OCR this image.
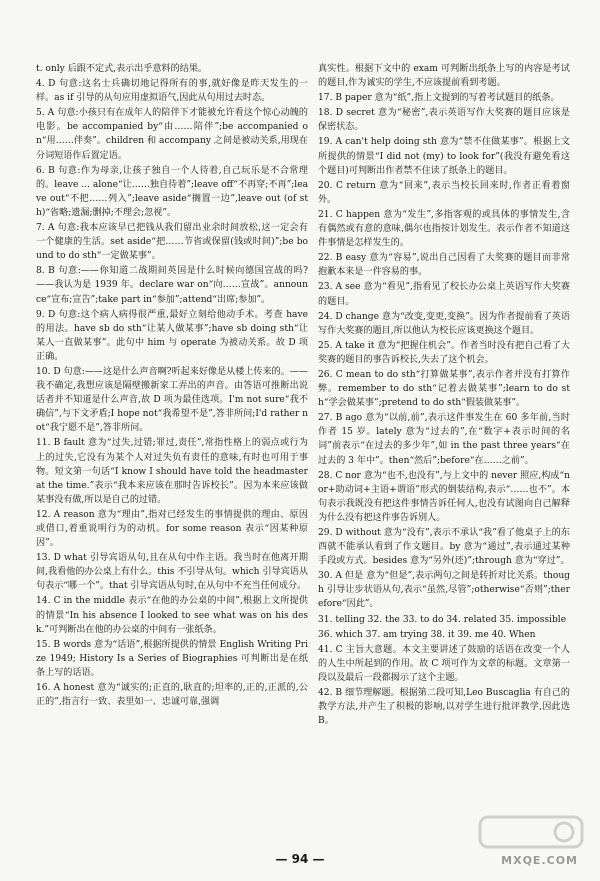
t. only 后跟不定式,表示出乎意料的结果。

4. D 句意:这名士兵确切地记得所有的事,就好像是昨天发生的一样。as if 引导的从句应用虚拟语气,因此从句用过去时态。

5. A 句意:小孩只有在成年人的陪伴下才能被允许看这个惊心动魄的电影。be accompanied by“由……陪伴”;be accompanied on“用……伴奏”。children 和 accompany 之间是被动关系,用现在分词短语作后置定语。

6. B 句意:作为母亲,让孩子独自一个人待着,自己玩乐是不合常理的。leave ... alone“让……独自待着”;leave off“不再穿;不再”;leave out“不把……列入”;leave aside“搁置一边”,leave out (of sth)“省略;遗漏;删掉;不理会;忽视”。

7. A 句意:我本应该早已把钱从我们留出业余时间放松,这一定会有一个健康的生活。set aside“把……节省或保留(钱或时间)”;be bound to do sth“一定做某事”。

8. B 句意:——你知道二战期间英国是什么时候向德国宣战的吗?——我认为是 1939 年。declare war on“向……宣战”。announce“宣布;宣告”;take part in“参加”;attend“出席;参加”。

9. D 句意:这个病人病得很严重,最好立刻给他动手术。考查 have 的用法。have sb do sth“让某人做某事”;have sb doing sth“让某人一直做某事”。此句中 him 与 operate 为被动关系。故 D 项正确。

10. D 句意:——这是什么声音啊?听起来好像是从楼上传来的。——我不确定,我想应该是隔壁搬新家工弄出的声音。由答语可推断出说话者并不知道是什么声音,故 D 项为最佳选项。I'm not sure“我不确信”,与下文矛盾;I hope not“我希望不是”,答非所问;I'd rather not“我宁愿不是”,答非所问。

11. B fault 意为“过失,过错;罪过,责任”,常指性格上的弱点或行为上的过失,它没有为某个人对过失负有责任的意味,有时也可用于事物。短文第一句话“I know I should have told the headmaster at the time.”表示“我本来应该在那时告诉校长”。因为本来应该做某事没有做,所以是自己的过错。

12. A reason 意为“理由”,指对已经发生的事情提供的理由、原因或借口,着重说明行为的动机。for some reason 表示“因某种原因”。

13. D what 引导宾语从句,且在从句中作主语。我当时在他离开期间,我看他的办公桌上有什么。this 不引导从句。which 引导宾语从句表示“哪一个”。that 引导宾语从句时,在从句中不充当任何成分。

14. C in the middle 表示“在他的办公桌的中间”,根据上文所提供的情景“In his absence I looked to see what was on his desk.”可判断出在他的办公桌的中间有一张纸条。

15. B words 意为“话语”,根据所提供的情景 English Writing Prize 1949; History Is a Series of Biographies 可判断出是在纸条上写的话语。

16. A honest 意为“诚实的;正直的,耿直的;坦率的,正的,正派的,公正的”,指言行一致、表里如一、忠诚可靠,强调

真实性。根据下文中的 exam 可判断出纸条上写的内容是考试的题目,作为诚实的学生,不应该提前看到考题。

17. B paper 意为“纸”,指上文提到的写着考试题目的纸条。

18. D secret 意为“秘密”,表示英语写作大奖赛的题目应该是保密状态。

19. A can't help doing sth 意为“禁不住做某事”。根据上文所提供的情景“I did not (my) to look for”(我没有避免看这个题目)可判断出作者禁不住读了纸条上的题目。

20. C return 意为“回来”,表示当校长回来时,作者正看着窗外。

21. C happen 意为“发生”,多指客观的或具体的事情发生,含有偶然或有意的意味,偶尔也指按计划发生。表示作者不知道这件事情是怎样发生的。

22. B easy 意为“容易”,说出自己因看了大奖赛的题目而非常抱歉本来是一件容易的事。

23. A see 意为“看见”,指看见了校长办公桌上英语写作大奖赛的题目。

24. D change 意为“改变,变更,变换”。因为作者提前看了英语写作大奖赛的题目,所以他认为校长应该更换这个题目。

25. A take it 意为“把握住机会”。作者当时没有把自己看了大奖赛的题目的事告诉校长,失去了这个机会。

26. C mean to do sth“打算做某事”,表示作者并没有打算作弊。remember to do sth“记着去做某事”;learn to do sth“学会做某事”;pretend to do sth“假装做某事”。

27. B ago 意为“以前,前”,表示这件事发生在 60 多年前,当时作者 15 岁。lately 意为“过去的”,在“数字+表示时间的名词”前表示“在过去的多少年”,如 in the past three years“在过去的 3 年中”。then“然后”;before“在……之前”。

28. C nor 意为“也不,也没有”,与上文中的 never 照应,构成“nor+助动词+主语+谓语”形式的倒装结构,表示“……也不”。本句表示我既没有把这件事情告诉任何人,也没有试图向自己解释为什么没有把这件事告诉别人。

29. D without 意为“没有”,表示不承认“我”看了他桌子上的东西就不能承认看到了作文题目。by 意为“通过”,表示通过某种手段或方式。besides 意为“另外(还)”;through 意为“穿过”。

30. A 但是 意为“但是”,表示两句之间是转折对比关系。though 引导让步状语从句,表示“虽然,尽管”;otherwise“否则”;therefore“因此”。

31. telling 32. the 33. to do 34. related 35. impossible

36. which 37. am trying 38. it 39. me 40. When

41. C 主旨大意题。本文主要讲述了鼓励的话语在改变一个人的人生中所起到的作用。故 C 项可作为文章的标题。文章第一段以及最后一段都揭示了这个主题。

42. B 细节理解题。根据第二段可知,Leo Buscaglia 有自己的教学方法,并产生了积极的影响,以对学生进行批评教学,因此选 B。

— 94 —	MXQE.COM
